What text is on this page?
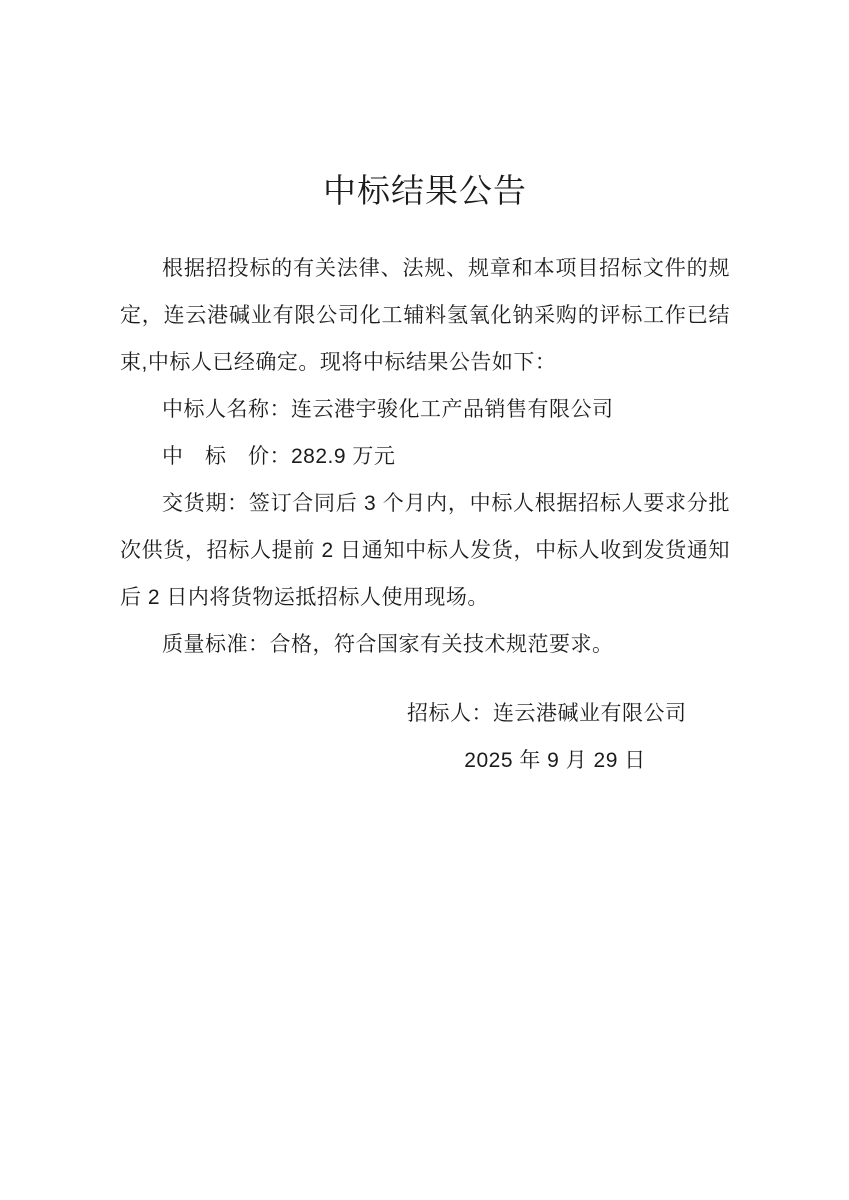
中标结果公告

根据招投标的有关法律、法规、规章和本项目招标文件的规定，连云港碱业有限公司化工辅料氢氧化钠采购的评标工作已结束,中标人已经确定。现将中标结果公告如下：

中标人名称：连云港宇骏化工产品销售有限公司

中　标　价：282.9 万元

交货期：签订合同后 3 个月内，中标人根据招标人要求分批次供货，招标人提前 2 日通知中标人发货，中标人收到发货通知后 2 日内将货物运抵招标人使用现场。

质量标准：合格，符合国家有关技术规范要求。

招标人：连云港碱业有限公司

2025 年 9 月 29 日
